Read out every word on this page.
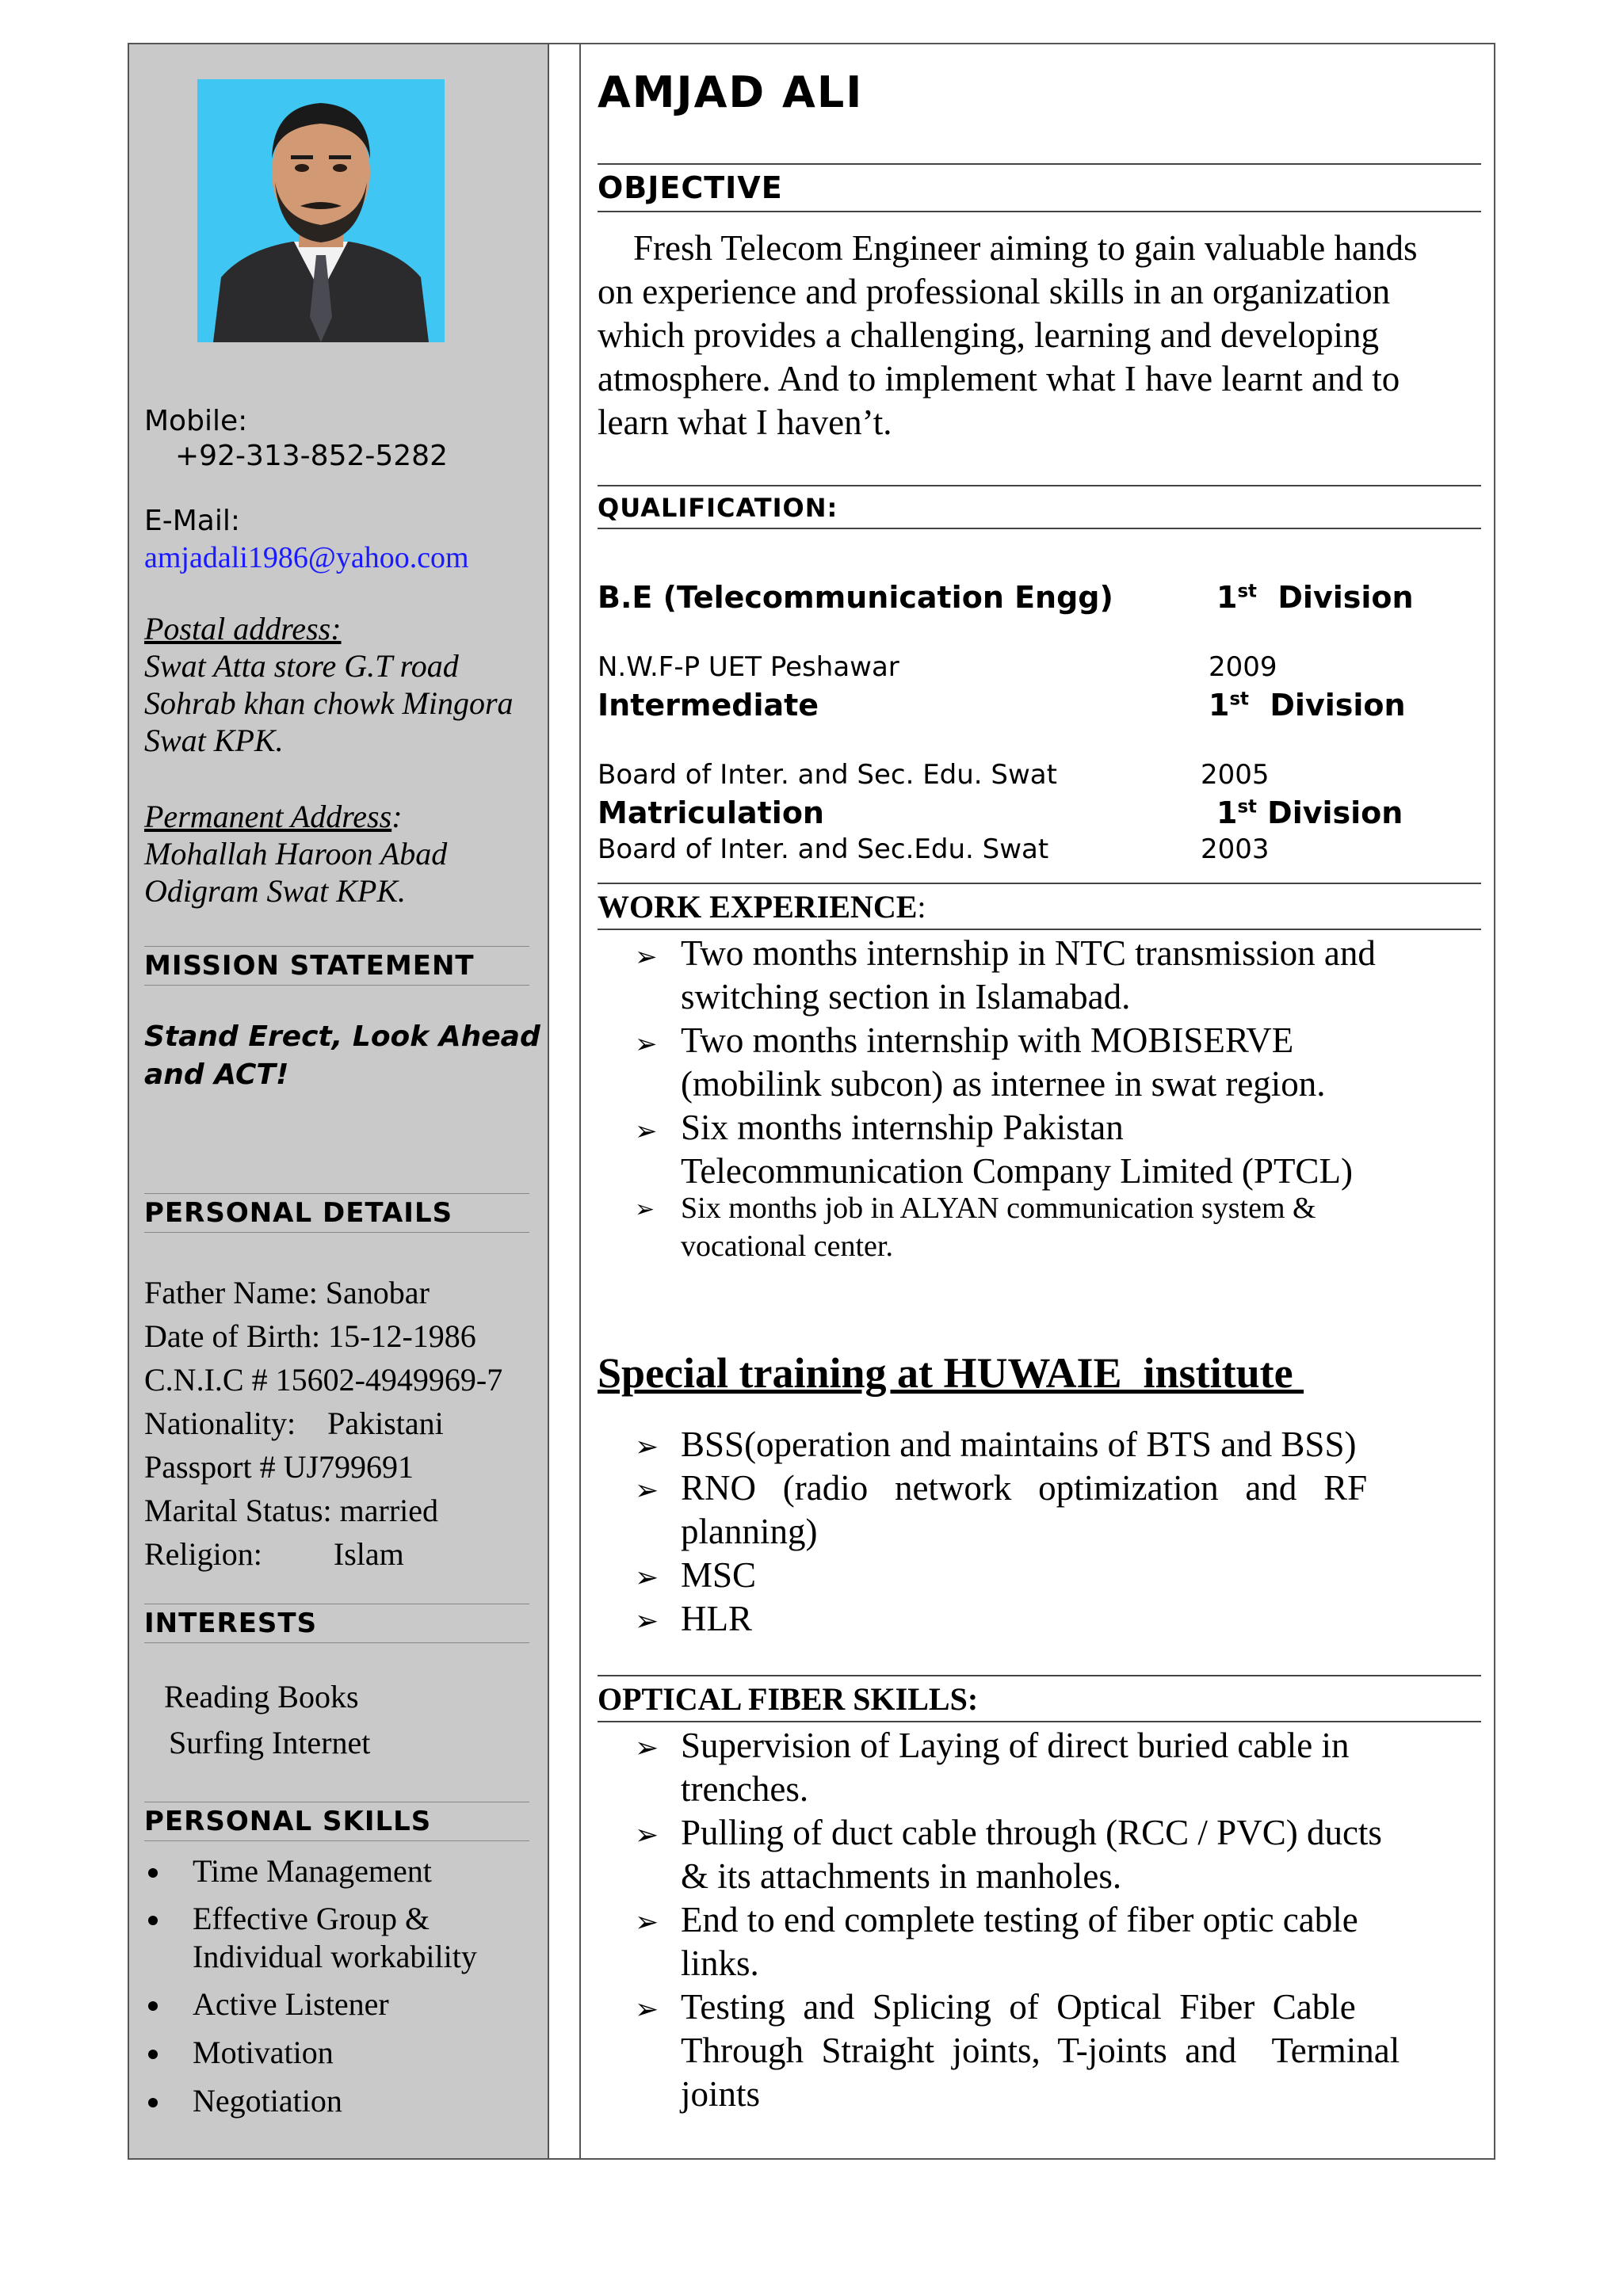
Mobile:
+92-313-852-5282
E-Mail:
amjadali1986@yahoo.com
Postal address:
Swat Atta store G.T road
Sohrab khan chowk Mingora
Swat KPK.
Permanent Address:
Mohallah Haroon Abad
Odigram Swat KPK.
MISSION STATEMENT
Stand Erect, Look Ahead
and ACT!
PERSONAL DETAILS
Father Name: Sanobar
Date of Birth: 15-12-1986
C.N.I.C # 15602-4949969-7
Nationality:    Pakistani
Passport # UJ799691
Marital Status: married
Religion:         Islam
INTERESTS
Reading Books
Surfing Internet
PERSONAL SKILLS
Time Management
Effective Group &
Individual workability
Active Listener
Motivation
Negotiation
AMJAD ALI
OBJECTIVE
Fresh Telecom Engineer aiming to gain valuable hands
on experience and professional skills in an organization
which provides a challenging, learning and developing
atmosphere. And to implement what I have learnt and to
learn what I haven’t.
QUALIFICATION:
B.E (Telecommunication Engg)	1st Division
N.W.F-P UET Peshawar	2009
Intermediate	1st Division
Board of Inter. and Sec. Edu. Swat	2005
Matriculation	1st Division
Board of Inter. and Sec.Edu. Swat	2003
WORK EXPERIENCE:
➢ Two months internship in NTC transmission and
switching section in Islamabad.
➢ Two months internship with MOBISERVE
(mobilink subcon) as internee in swat region.
➢ Six months internship Pakistan
Telecommunication Company Limited (PTCL)
➢ Six months job in ALYAN communication system &
vocational center.
Special training at HUWAIE  institute
➢ BSS(operation and maintains of BTS and BSS)
➢ RNO   (radio   network   optimization   and   RF
planning)
➢ MSC
➢ HLR
OPTICAL FIBER SKILLS:
➢ Supervision of Laying of direct buried cable in
trenches.
➢ Pulling of duct cable through (RCC / PVC) ducts
& its attachments in manholes.
➢ End to end complete testing of fiber optic cable
links.
➢ Testing  and  Splicing  of  Optical  Fiber  Cable
Through  Straight  joints,  T-joints  and    Terminal
joints
